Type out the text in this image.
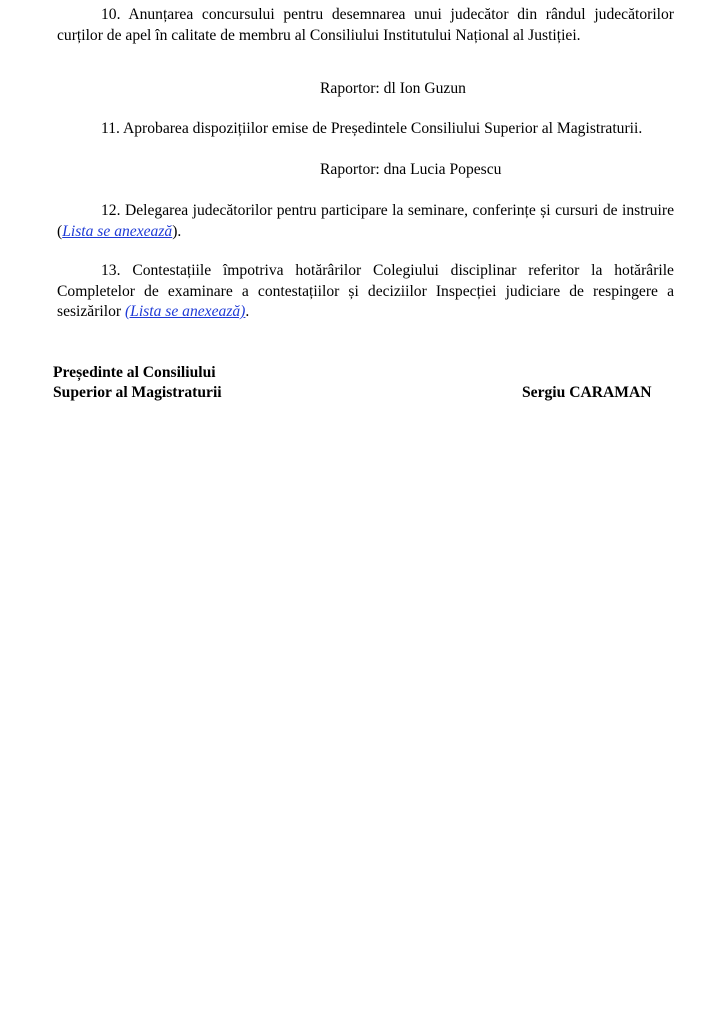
10. Anunțarea concursului pentru desemnarea unui judecător din rândul judecătorilor curților de apel în calitate de membru al Consiliului Institutului Național al Justiției.

Raportor: dl Ion Guzun

11. Aprobarea dispozițiilor emise de Președintele Consiliului Superior al Magistraturii.

Raportor: dna Lucia Popescu

12. Delegarea judecătorilor pentru participare la seminare, conferințe și cursuri de instruire (Lista se anexează).

13. Contestațiile împotriva hotărârilor Colegiului disciplinar referitor la hotărârile Completelor de examinare a contestațiilor și deciziilor Inspecției judiciare de respingere a sesizărilor (Lista se anexează).

Președinte al Consiliului
Superior al Magistraturii	Sergiu CARAMAN
